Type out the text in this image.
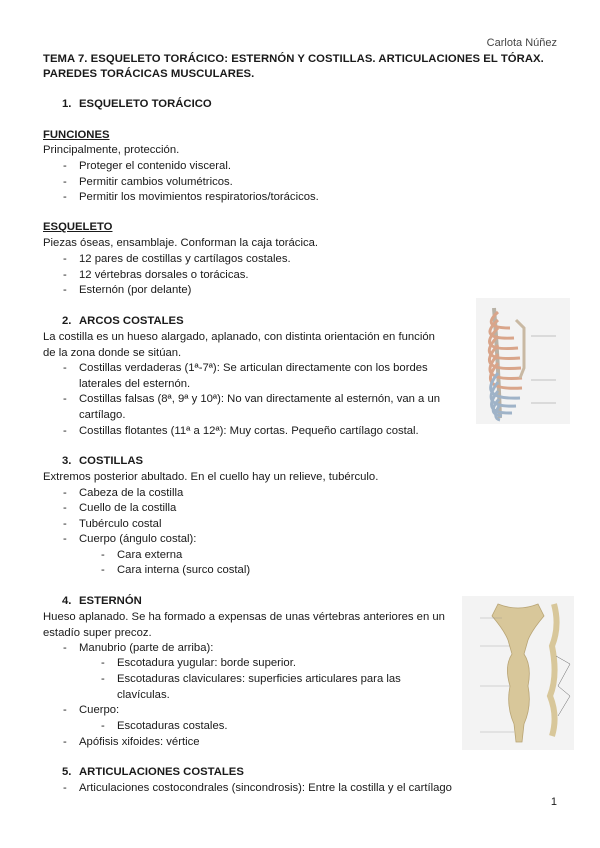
Carlota Núñez
TEMA 7. ESQUELETO TORÁCICO: ESTERNÓN Y COSTILLAS. ARTICULACIONES EL TÓRAX. PAREDES TORÁCICAS MUSCULARES.
1. ESQUELETO TORÁCICO
FUNCIONES
Principalmente, protección.
- Proteger el contenido visceral.
- Permitir cambios volumétricos.
- Permitir los movimientos respiratorios/torácicos.
ESQUELETO
Piezas óseas, ensamblaje. Conforman la caja torácica.
- 12 pares de costillas y cartílagos costales.
- 12 vértebras dorsales o torácicas.
- Esternón (por delante)
2. ARCOS COSTALES
La costilla es un hueso alargado, aplanado, con distinta orientación en función de la zona donde se sitúan.
- Costillas verdaderas (1ª-7ª): Se articulan directamente con los bordes laterales del esternón.
- Costillas falsas (8ª, 9ª y 10ª): No van directamente al esternón, van a un cartílago.
- Costillas flotantes (11ª a 12ª): Muy cortas. Pequeño cartílago costal.
3. COSTILLAS
Extremos posterior abultado. En el cuello hay un relieve, tubérculo.
- Cabeza de la costilla
- Cuello de la costilla
- Tubérculo costal
- Cuerpo (ángulo costal):
- Cara externa
- Cara interna (surco costal)
4. ESTERNÓN
Hueso aplanado. Se ha formado a expensas de unas vértebras anteriores en un estadío super precoz.
- Manubrio (parte de arriba):
- Escotadura yugular: borde superior.
- Escotaduras claviculares: superficies articulares para las clavículas.
- Cuerpo:
- Escotaduras costales.
- Apófisis xifoides: vértice
5. ARTICULACIONES COSTALES
- Articulaciones costocondrales (sincondrosis): Entre la costilla y el cartílago
1
